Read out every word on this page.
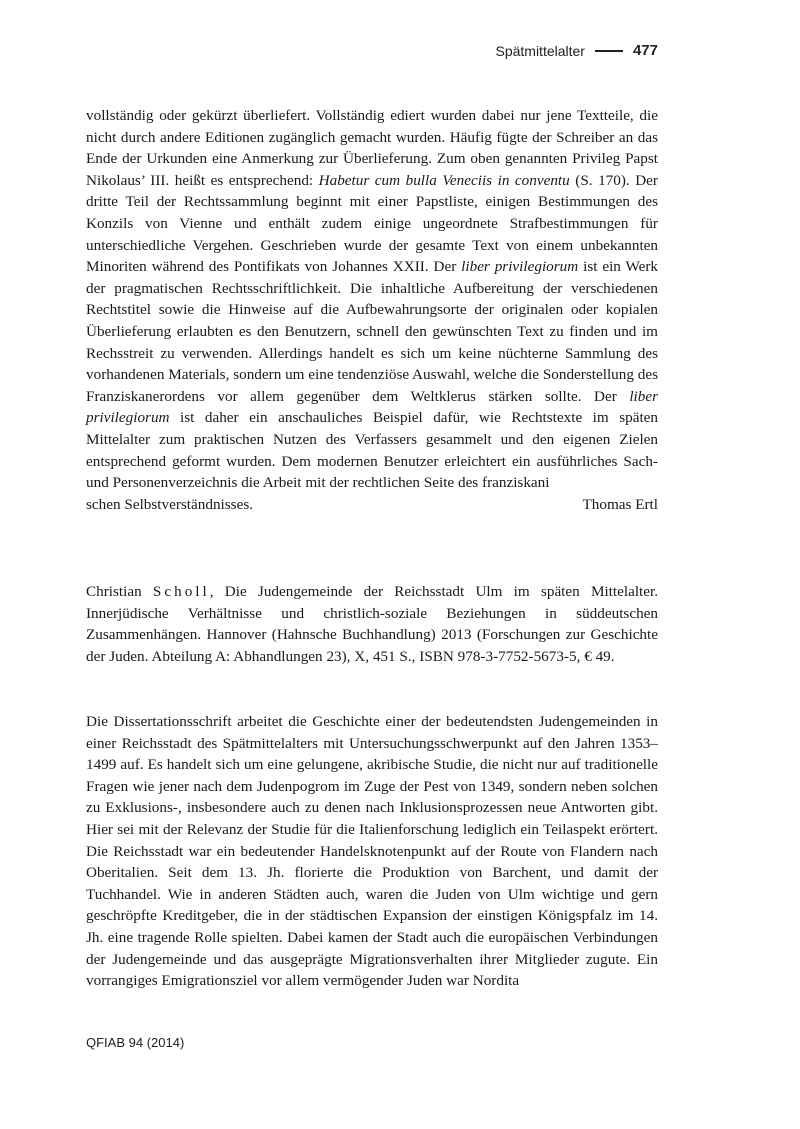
Spätmittelalter	477

vollständig oder gekürzt überliefert. Vollständig ediert wurden dabei nur jene Textteile, die nicht durch andere Editionen zugänglich gemacht wurden. Häufig fügte der Schreiber an das Ende der Urkunden eine Anmerkung zur Überlieferung. Zum oben genannten Privileg Papst Nikolaus’ III. heißt es entsprechend: Habetur cum bulla Veneciis in conventu (S. 170). Der dritte Teil der Rechtssammlung beginnt mit einer Papstliste, einigen Bestimmungen des Konzils von Vienne und enthält zudem einige ungeordnete Strafbestimmungen für unterschiedliche Vergehen. Geschrieben wurde der gesamte Text von einem unbekannten Minoriten während des Pontifikats von Johannes XXII. Der liber privilegiorum ist ein Werk der pragmatischen Rechtsschriftlichkeit. Die inhaltliche Aufbereitung der verschiedenen Rechtstitel sowie die Hinweise auf die Aufbewahrungsorte der originalen oder kopialen Überlieferung erlaubten es den Benutzern, schnell den gewünschten Text zu finden und im Rechsstreit zu verwenden. Allerdings handelt es sich um keine nüchterne Sammlung des vorhandenen Materials, sondern um eine tendenziöse Auswahl, welche die Sonderstellung des Franziskanerordens vor allem gegenüber dem Weltklerus stärken sollte. Der liber privilegiorum ist daher ein anschauliches Beispiel dafür, wie Rechtstexte im späten Mittelalter zum praktischen Nutzen des Verfassers gesammelt und den eigenen Zielen entsprechend geformt wurden. Dem modernen Benutzer erleichtert ein ausführliches Sach- und Personenverzeichnis die Arbeit mit der rechtlichen Seite des franziskani

schen Selbstverständnisses.	Thomas Ertl

Christian Scholl, Die Judengemeinde der Reichsstadt Ulm im späten Mittelalter. Innerjüdische Verhältnisse und christlich-soziale Beziehungen in süddeutschen Zusammenhängen. Hannover (Hahnsche Buchhandlung) 2013 (Forschungen zur Geschichte der Juden. Abteilung A: Abhandlungen 23), X, 451 S., ISBN 978-3-7752-5673-5, € 49.

Die Dissertationsschrift arbeitet die Geschichte einer der bedeutendsten Judengemeinden in einer Reichsstadt des Spätmittelalters mit Untersuchungsschwerpunkt auf den Jahren 1353–1499 auf. Es handelt sich um eine gelungene, akribische Studie, die nicht nur auf traditionelle Fragen wie jener nach dem Judenpogrom im Zuge der Pest von 1349, sondern neben solchen zu Exklusions-, insbesondere auch zu denen nach Inklusionsprozessen neue Antworten gibt. Hier sei mit der Relevanz der Studie für die Italienforschung lediglich ein Teilaspekt erörtert. Die Reichsstadt war ein bedeutender Handelsknotenpunkt auf der Route von Flandern nach Oberitalien. Seit dem 13. Jh. florierte die Produktion von Barchent, und damit der Tuchhandel. Wie in anderen Städten auch, waren die Juden von Ulm wichtige und gern geschröpfte Kreditgeber, die in der städtischen Expansion der einstigen Königspfalz im 14. Jh. eine tragende Rolle spielten. Dabei kamen der Stadt auch die europäischen Verbindungen der Judengemeinde und das ausgeprägte Migrationsverhalten ihrer Mitglieder zugute. Ein vorrangiges Emigrationsziel vor allem vermögender Juden war Nordita

QFIAB 94 (2014)
